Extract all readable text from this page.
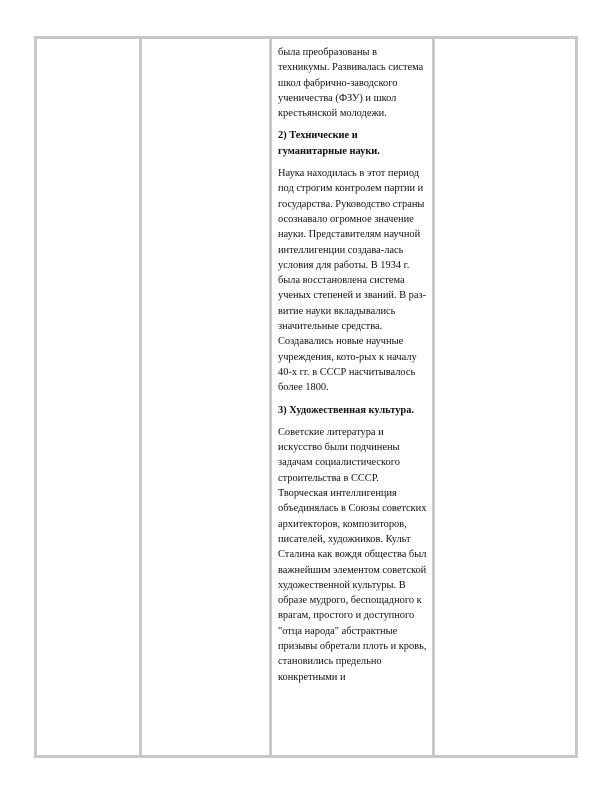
была преобразованы в техникумы. Развивалась система школ фабрично-заводского ученичества (ФЗУ) и школ крестьянской молодежи.

2) Технические и гуманитарные науки.

Наука находилась в этот период под строгим контролем партии и государства. Руководство страны осознавало огромное значение науки. Представителям научной интеллигенции создава-лась условия для работы. В 1934 г. была восстановлена система ученых степеней и званий. В раз-витие науки вкладывались значительные средства. Создавались новые научные учреждения, кото-рых к началу 40-х гг. в СССР насчитывалось более 1800.

3) Художественная культура.

Советские литература и искусство были подчинены задачам социалистического строительства в СССР. Творческая интеллигенция объединялась в Союзы советских архитекторов, композиторов, писателей, художников. Культ Сталина как вождя общества был важнейшим элементом советской художественной культуры. В образе мудрого, беспощадного к врагам, простого и доступного "отца народа" абстрактные призывы обретали плоть и кровь, становились предельно конкретными и
